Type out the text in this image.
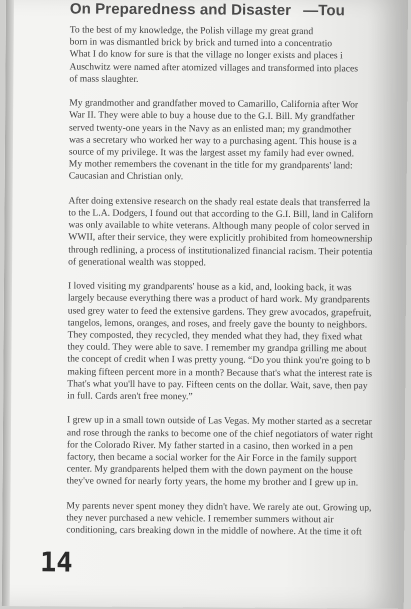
On Preparedness and Disaster —Tou

To the best of my knowledge, the Polish village my great grand
born in was dismantled brick by brick and turned into a concentratio
What I do know for sure is that the village no longer exists and places i
Auschwitz were named after atomized villages and transformed into places
of mass slaughter.

My grandmother and grandfather moved to Camarillo, California after Wor
War II. They were able to buy a house due to the G.I. Bill. My grandfather
served twenty-one years in the Navy as an enlisted man; my grandmother
was a secretary who worked her way to a purchasing agent. This house is a
source of my privilege. It was the largest asset my family had ever owned.
My mother remembers the covenant in the title for my grandparents' land:
Caucasian and Christian only.

After doing extensive research on the shady real estate deals that transferred la
to the L.A. Dodgers, I found out that according to the G.I. Bill, land in Californ
was only available to white veterans. Although many people of color served in
WWII, after their service, they were explicitly prohibited from homeownership
through redlining, a process of institutionalized financial racism. Their potentia
of generational wealth was stopped.

I loved visiting my grandparents' house as a kid, and, looking back, it was
largely because everything there was a product of hard work. My grandparents
used grey water to feed the extensive gardens. They grew avocados, grapefruit,
tangelos, lemons, oranges, and roses, and freely gave the bounty to neighbors.
They composted, they recycled, they mended what they had, they fixed what
they could. They were able to save. I remember my grandpa grilling me about
the concept of credit when I was pretty young. “Do you think you're going to b
making fifteen percent more in a month? Because that's what the interest rate is
That's what you'll have to pay. Fifteen cents on the dollar. Wait, save, then pay
in full. Cards aren't free money.”

I grew up in a small town outside of Las Vegas. My mother started as a secretar
and rose through the ranks to become one of the chief negotiators of water right
for the Colorado River. My father started in a casino, then worked in a pen
factory, then became a social worker for the Air Force in the family support
center. My grandparents helped them with the down payment on the house
they've owned for nearly forty years, the home my brother and I grew up in.

My parents never spent money they didn't have. We rarely ate out. Growing up,
they never purchased a new vehicle. I remember summers without air
conditioning, cars breaking down in the middle of nowhere. At the time it oft

14
